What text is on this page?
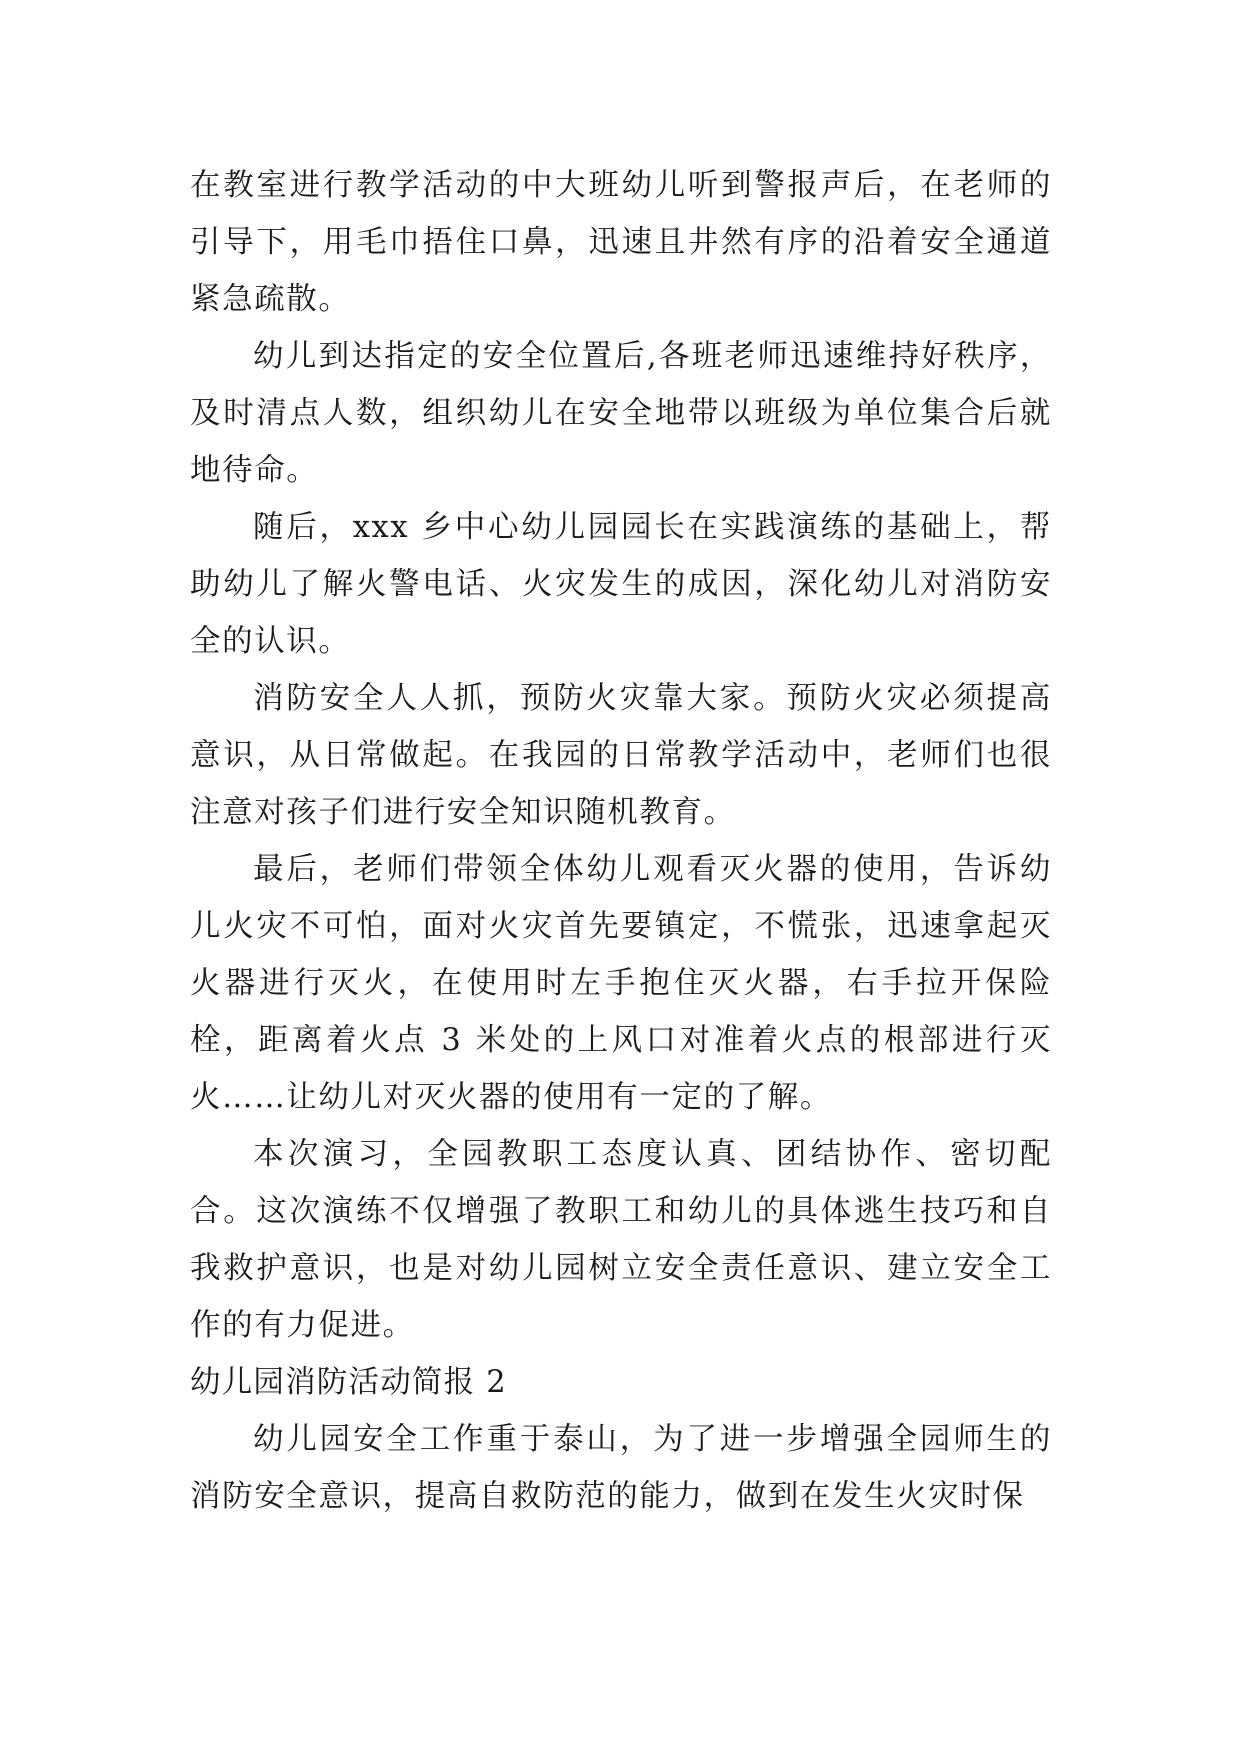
在教室进行教学活动的中大班幼儿听到警报声后，在老师的引导下，用毛巾捂住口鼻，迅速且井然有序的沿着安全通道紧急疏散。

幼儿到达指定的安全位置后,各班老师迅速维持好秩序，及时清点人数，组织幼儿在安全地带以班级为单位集合后就地待命。

随后，xxx 乡中心幼儿园园长在实践演练的基础上，帮助幼儿了解火警电话、火灾发生的成因，深化幼儿对消防安全的认识。

消防安全人人抓，预防火灾靠大家。预防火灾必须提高意识，从日常做起。在我园的日常教学活动中，老师们也很注意对孩子们进行安全知识随机教育。

最后，老师们带领全体幼儿观看灭火器的使用，告诉幼儿火灾不可怕，面对火灾首先要镇定，不慌张，迅速拿起灭火器进行灭火，在使用时左手抱住灭火器，右手拉开保险栓，距离着火点 3 米处的上风口对准着火点的根部进行灭火……让幼儿对灭火器的使用有一定的了解。

本次演习，全园教职工态度认真、团结协作、密切配合。这次演练不仅增强了教职工和幼儿的具体逃生技巧和自我救护意识，也是对幼儿园树立安全责任意识、建立安全工作的有力促进。

幼儿园消防活动简报 2

幼儿园安全工作重于泰山，为了进一步增强全园师生的消防安全意识，提高自救防范的能力，做到在发生火灾时保
